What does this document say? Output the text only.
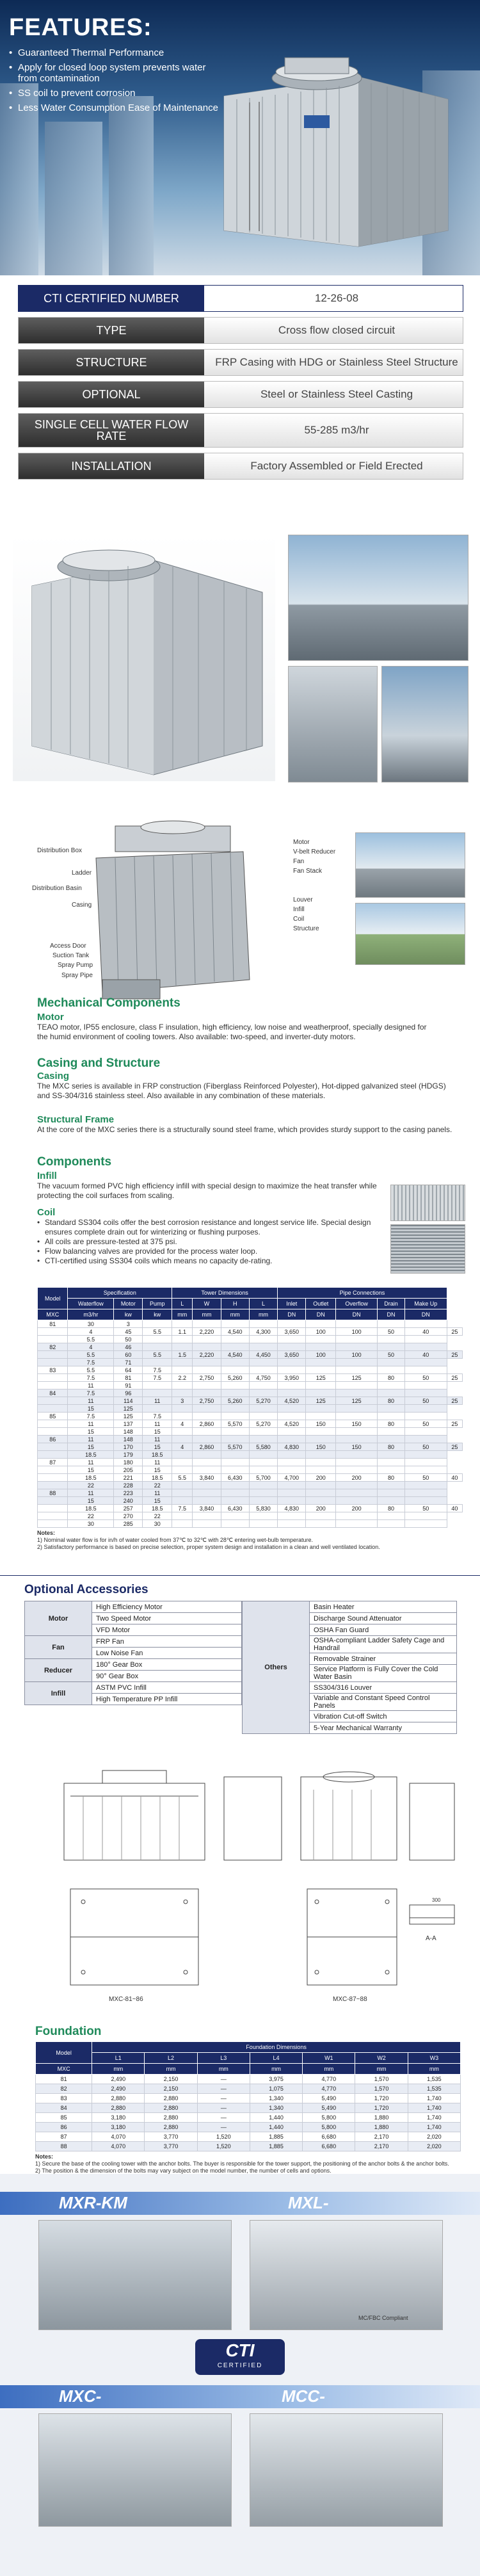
FEATURES:
• Guaranteed Thermal Performance
• Apply for closed loop system prevents water from contamination
• SS coil to prevent corrosion
• Less Water Consumption Ease of Maintenance
CTI CERTIFIED NUMBER	12-26-08
TYPE	Cross flow closed circuit
STRUCTURE	FRP Casing with HDG or Stainless Steel Structure
OPTIONAL	Steel or Stainless Steel Casting
SINGLE CELL WATER FLOW RATE	55-285 m3/hr
INSTALLATION	Factory Assembled or Field Erected
Distribution Box
Ladder
Distribution Basin
Casing
Access Door
Suction Tank
Spray Pump
Spray Pipe
Motor
V-belt Reducer
Fan
Fan Stack
Louver
Infill
Coil
Structure
Mechanical Components
Motor
TEAO motor, IP55 enclosure, class F insulation, high efficiency, low noise and weatherproof, specially designed for the humid environment of cooling towers. Also available: two-speed, and inverter-duty motors.
Casing and Structure
Casing
The MXC series is available in FRP construction (Fiberglass Reinforced Polyester), Hot-dipped galvanized steel (HDGS) and SS-304/316 stainless steel. Also available in any combination of these materials.
Structural Frame
At the core of the MXC series there is a structurally sound steel frame, which provides sturdy support to the casing panels.
Components
Infill
The vacuum formed PVC high efficiency infill with special design to maximize the heat transfer while protecting the coil surfaces from scaling.
Coil
• Standard SS304 coils offer the best corrosion resistance and longest service life. Special design ensures complete drain out for winterizing or flushing purposes.
• All coils are pressure-tested at 375 psi.
• Flow balancing valves are provided for the process water loop.
• CTI-certified using SS304 coils which means no capacity de-rating.
Model	Specification			Tower Dimensions				Pipe Connections					
	Waterflow	Motor	Pump	L	W	H	L	Inlet	Outlet	Overflow	Drain	Make Up	
MXC	m3/hr	kw	kw	mm	mm	mm	mm	DN	DN	DN	DN	DN	
81	30	3											
	4	45	5.5	1.1	2,220	4,540	4,300	3,650	100	100	50	40	25
	5.5	50											
82	4	46											
	5.5	60	5.5	1.5	2,220	4,540	4,450	3,650	100	100	50	40	25
	7.5	71											
83	5.5	64	7.5										
	7.5	81	7.5	2.2	2,750	5,260	4,750	3,950	125	125	80	50	25
	11	91											
84	7.5	96											
	11	114	11	3	2,750	5,260	5,270	4,520	125	125	80	50	25
	15	125											
85	7.5	125	7.5										
	11	137	11	4	2,860	5,570	5,270	4,520	150	150	80	50	25
	15	148	15										
86	11	148	11										
	15	170	15	4	2,860	5,570	5,580	4,830	150	150	80	50	25
	18.5	179	18.5										
87	11	180	11										
	15	205	15										
	18.5	221	18.5	5.5	3,840	6,430	5,700	4,700	200	200	80	50	40
	22	228	22										
88	11	223	11										
	15	240	15										
	18.5	257	18.5	7.5	3,840	6,430	5,830	4,830	200	200	80	50	40
	22	270	22										
	30	285	30										
Notes:
1) Nominal water flow is for in/h of water cooled from 37℃ to 32℃ with 28℃ entering wet-bulb temperature.
2) Satisfactory performance is based on precise selection, proper system design and installation in a clean and well ventilated location.
Optional Accessories
Motor	High Efficiency Motor
	Two Speed Motor
	VFD Motor
Fan	FRP Fan
	Low Noise Fan
Reducer	180° Gear Box
	90° Gear Box
Infill	ASTM PVC Infill
	High Temperature PP Infill
Others	Basin Heater
Discharge Sound Attenuator
OSHA Fan Guard
OSHA-compliant Ladder Safety Cage and Handrail
Removable Strainer
Service Platform is Fully Cover the Cold Water Basin
SS304/316 Louver
Variable and Constant Speed Control Panels
Vibration Cut-off Switch
5-Year Mechanical Warranty
MXC-81~86	MXC-87~88
A-A
300
Foundation
Model	Foundation Dimensions						
	L1	L2	L3	L4	W1	W2	W3
MXC	mm	mm	mm	mm	mm	mm	mm
81	2,490	2,150	—	3,975	4,770	1,570	1,535
82	2,490	2,150	—	1,075	4,770	1,570	1,535
83	2,880	2,880	—	1,340	5,490	1,720	1,740
84	2,880	2,880	—	1,340	5,490	1,720	1,740
85	3,180	2,880	—	1,440	5,800	1,880	1,740
86	3,180	2,880	—	1,440	5,800	1,880	1,740
87	4,070	3,770	1,520	1,885	6,680	2,170	2,020
88	4,070	3,770	1,520	1,885	6,680	2,170	2,020
Notes:
1) Secure the base of the cooling tower with the anchor bolts. The buyer is responsible for the tower support, the positioning of the anchor bolts & the anchor bolts.
2) The position & the dimension of the bolts may vary subject on the model number, the number of cells and options.
MXR-KM	MXL-
MC/FBC Compliant
CTI
CERTIFIED
MXC-	MCC-
